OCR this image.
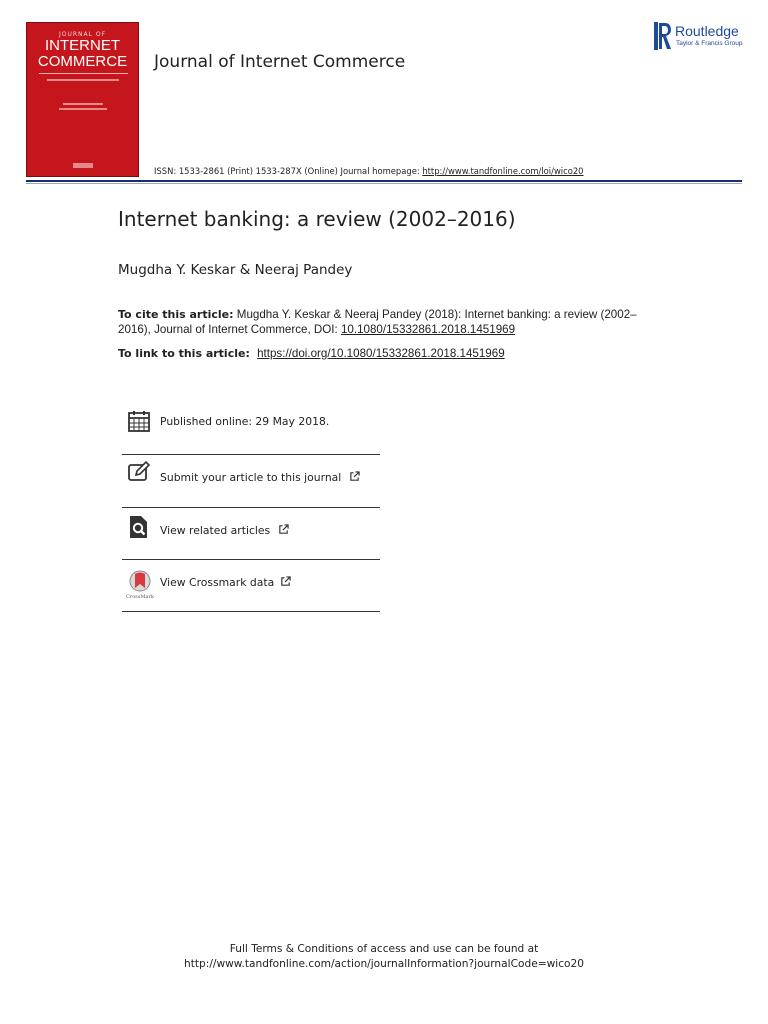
JOURNAL OF
INTERNET
COMMERCE	Journal of Internet Commerce
Routledge
Taylor & Francis Group
ISSN: 1533-2861 (Print) 1533-287X (Online) Journal homepage: http://www.tandfonline.com/loi/wico20
Internet banking: a review (2002–2016)
Mugdha Y. Keskar & Neeraj Pandey
To cite this article: Mugdha Y. Keskar & Neeraj Pandey (2018): Internet banking: a review (2002–2016), Journal of Internet Commerce, DOI: 10.1080/15332861.2018.1451969
To link to this article: https://doi.org/10.1080/15332861.2018.1451969
Published online: 29 May 2018.
Submit your article to this journal
View related articles
CrossMark
View Crossmark data
Full Terms & Conditions of access and use can be found at
http://www.tandfonline.com/action/journalInformation?journalCode=wico20
